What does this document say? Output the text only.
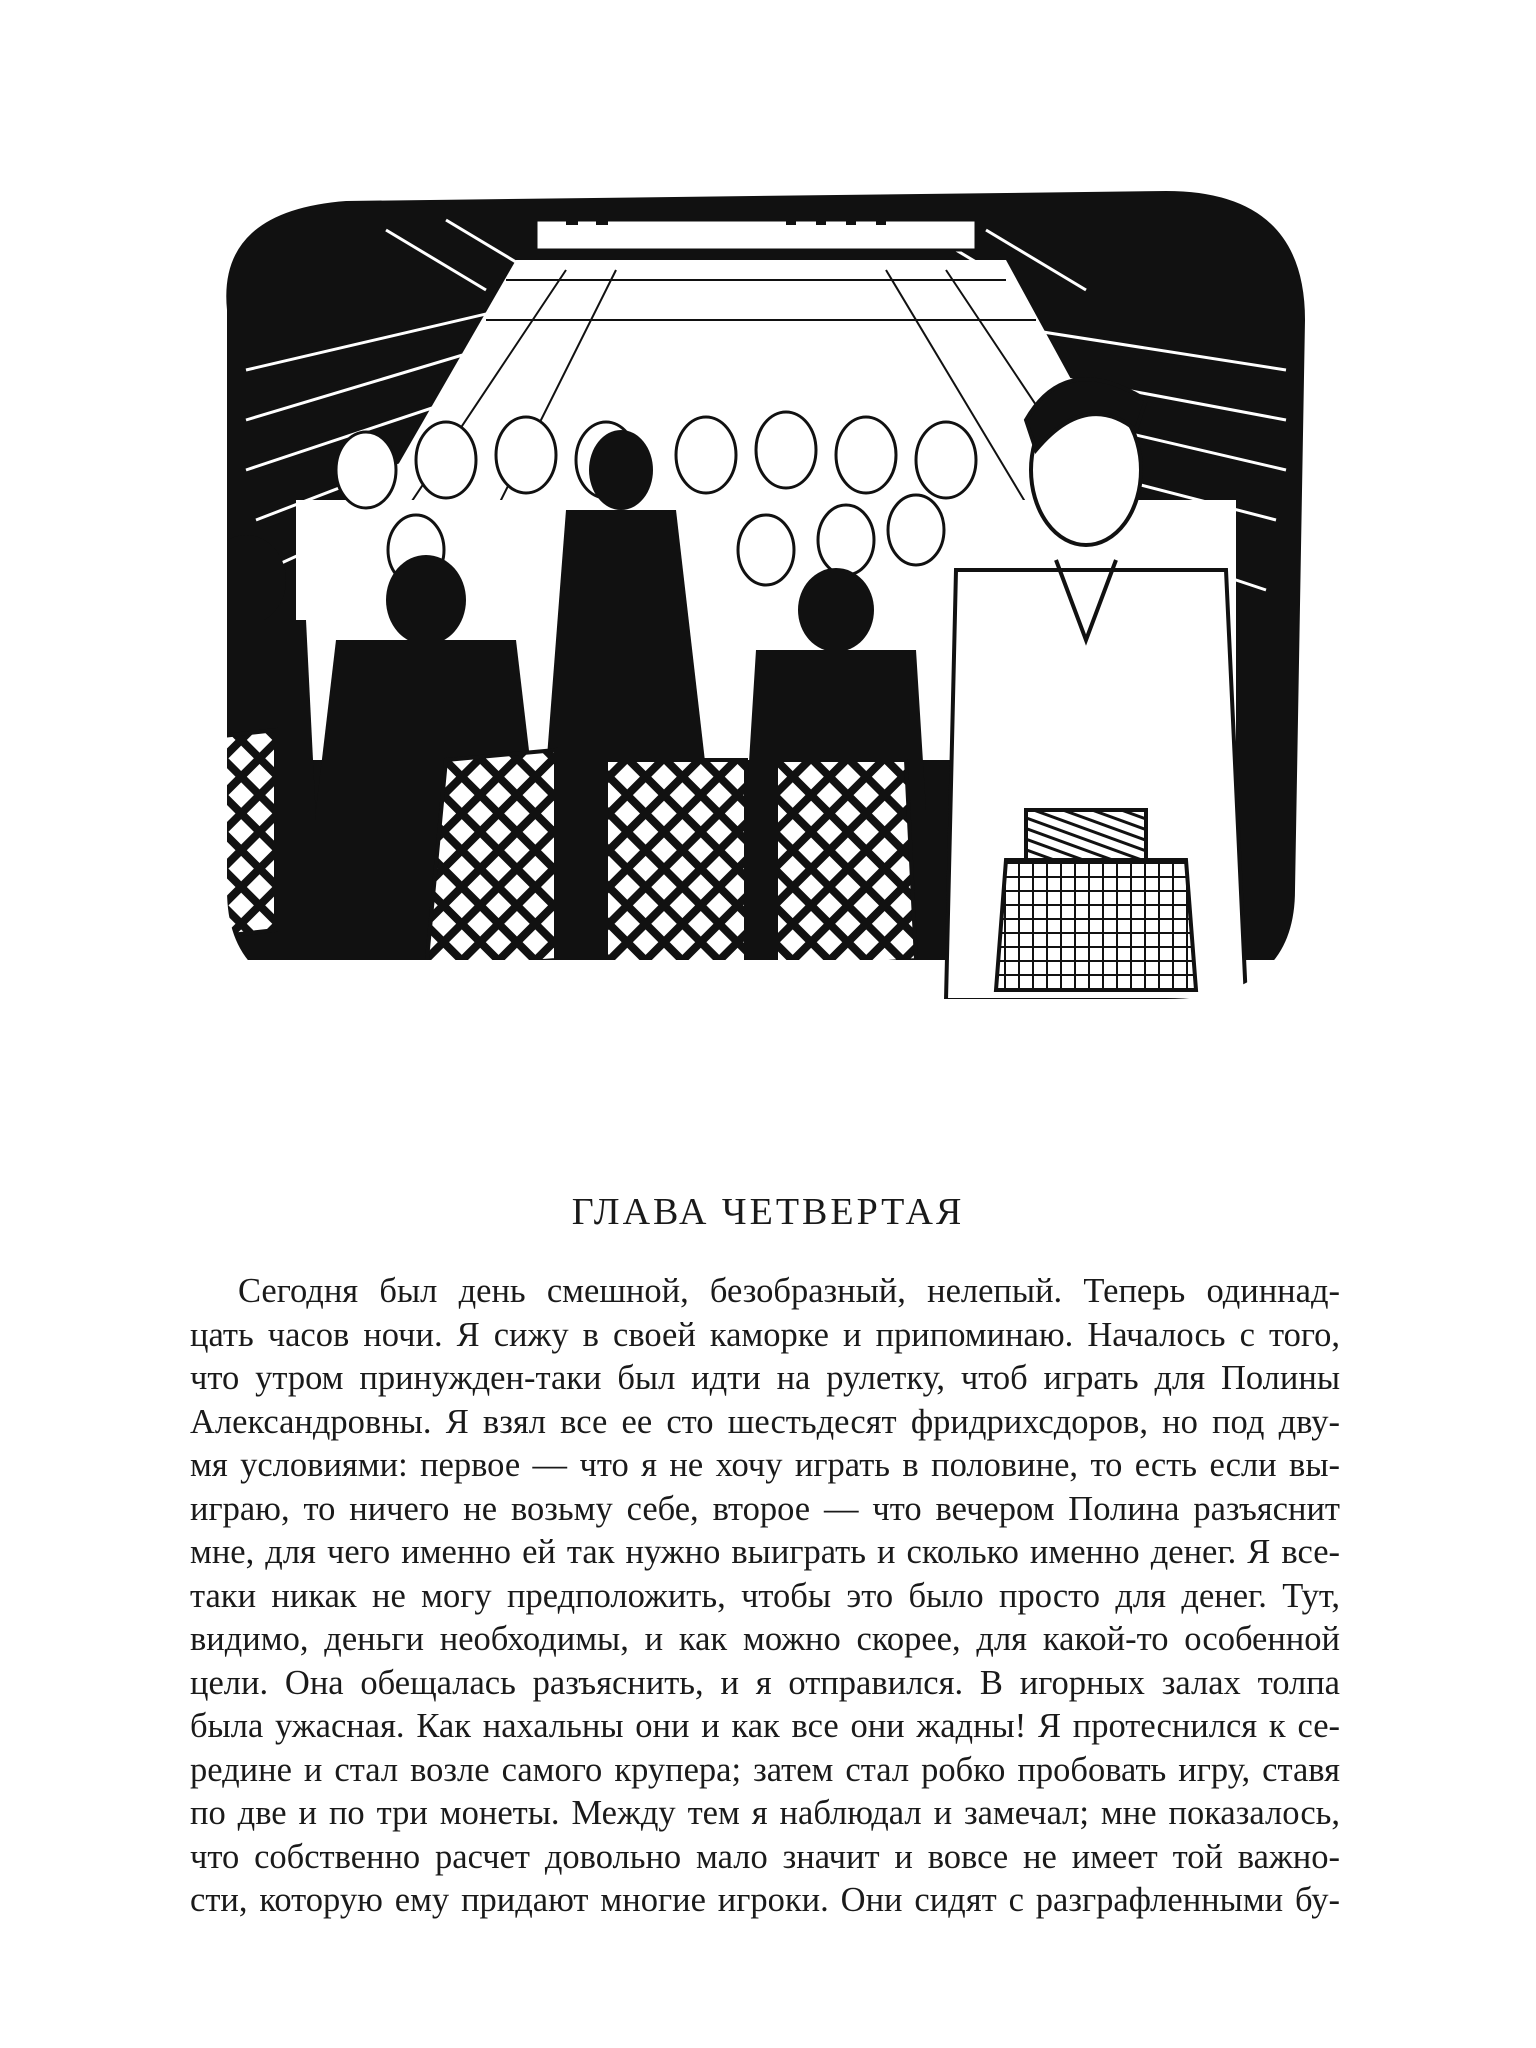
ГЛАВА ЧЕТВЕРТАЯ

Сегодня был день смешной, безобразный, нелепый. Теперь одиннад-
цать часов ночи. Я сижу в своей каморке и припоминаю. Началось с того,
что утром принужден-таки был идти на рулетку, чтоб играть для Полины
Александровны. Я взял все ее сто шестьдесят фридрихсдоров, но под дву-
мя условиями: первое — что я не хочу играть в половине, то есть если вы-
играю, то ничего не возьму себе, второе — что вечером Полина разъяснит
мне, для чего именно ей так нужно выиграть и сколько именно денег. Я все-
таки никак не могу предположить, чтобы это было просто для денег. Тут,
видимо, деньги необходимы, и как можно скорее, для какой-то особенной
цели. Она обещалась разъяснить, и я отправился. В игорных залах толпа
была ужасная. Как нахальны они и как все они жадны! Я протеснился к се-
редине и стал возле самого крупера; затем стал робко пробовать игру, ставя
по две и по три монеты. Между тем я наблюдал и замечал; мне показалось,
что собственно расчет довольно мало значит и вовсе не имеет той важно-
сти, которую ему придают многие игроки. Они сидят с разграфленными бу-
